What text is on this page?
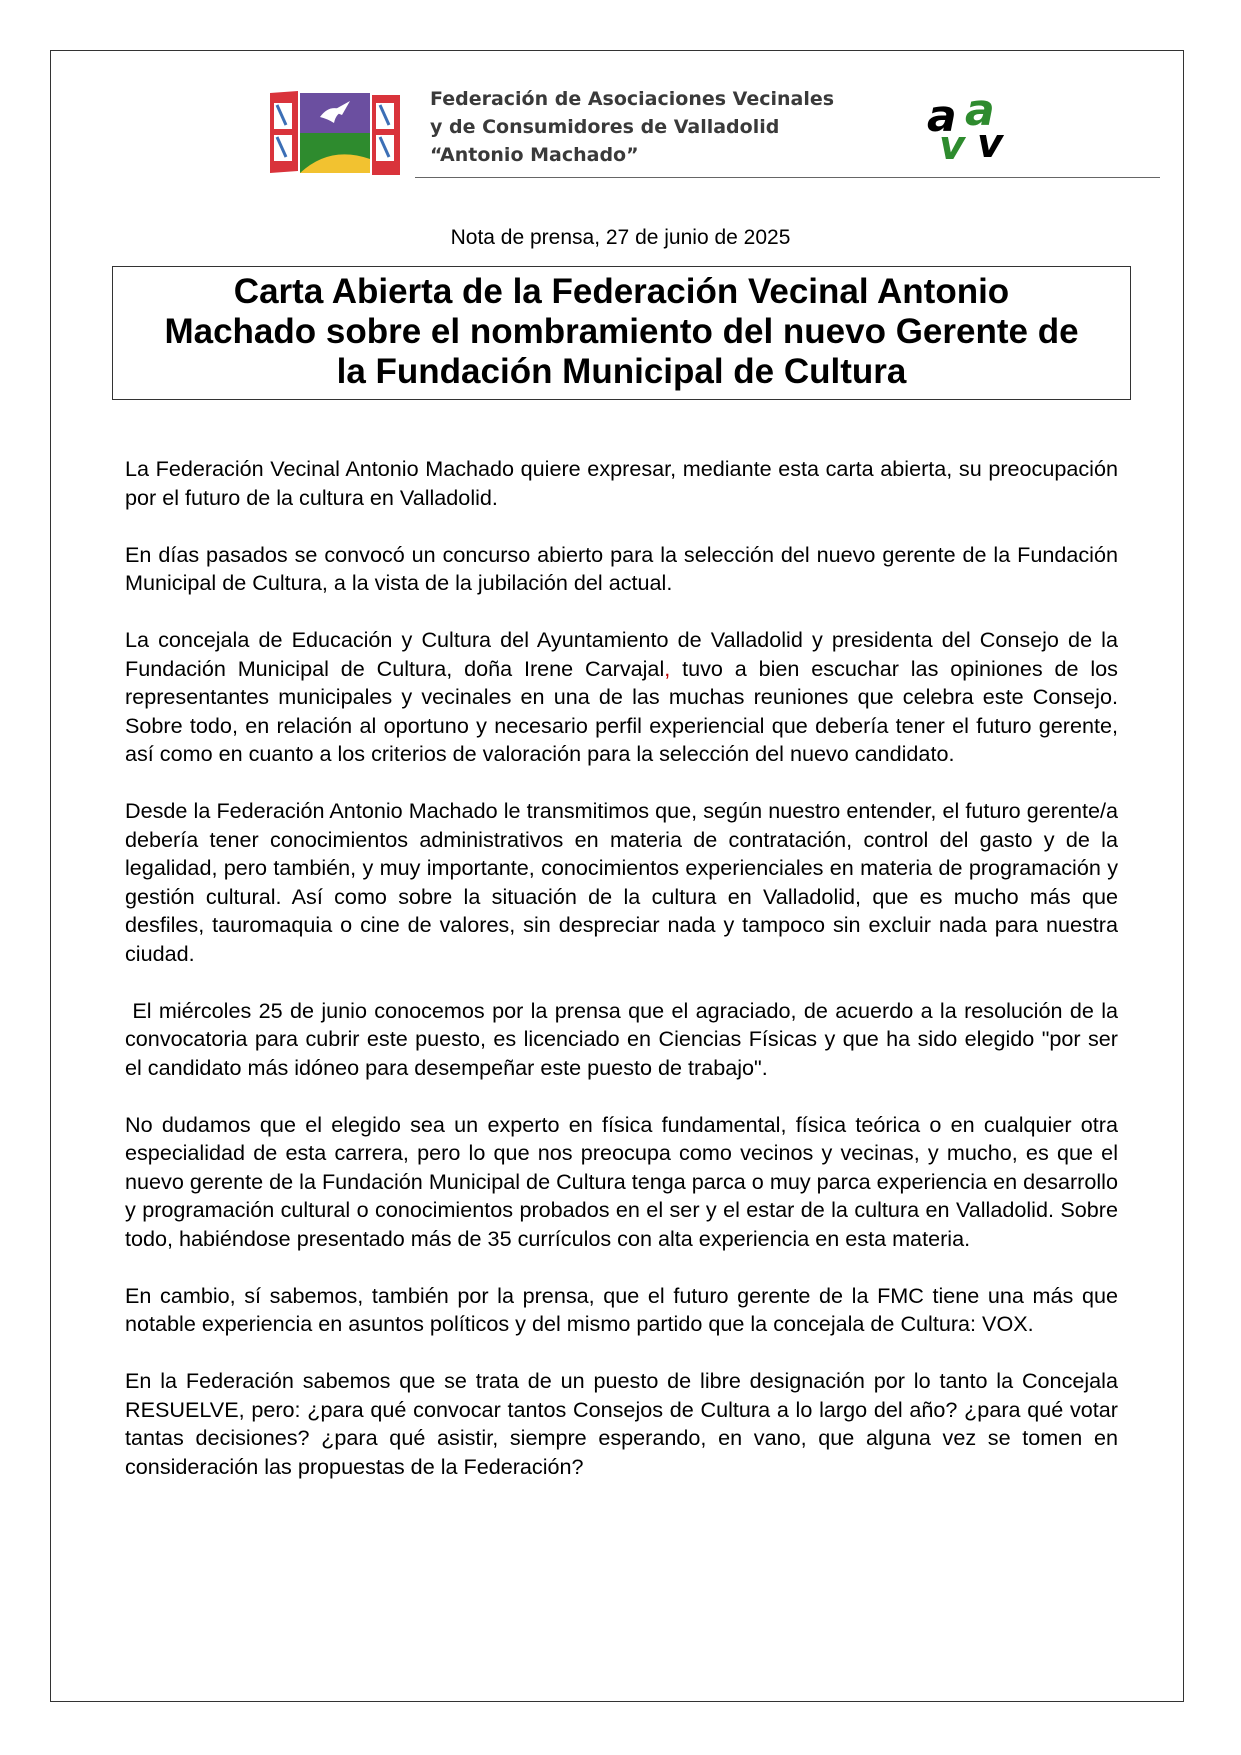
Federación de Asociaciones Vecinales
y de Consumidores de Valladolid
“Antonio Machado”
a a
v v
Nota de prensa, 27 de junio de 2025
Carta Abierta de la Federación Vecinal Antonio
Machado sobre el nombramiento del nuevo Gerente de
la Fundación Municipal de Cultura

La Federación Vecinal Antonio Machado quiere expresar, mediante esta carta abierta, su preocupación por el futuro de la cultura en Valladolid.

En días pasados se convocó un concurso abierto para la selección del nuevo gerente de la Fundación Municipal de Cultura, a la vista de la jubilación del actual.

La concejala de Educación y Cultura del Ayuntamiento de Valladolid y presidenta del Consejo de la Fundación Municipal de Cultura, doña Irene Carvajal, tuvo a bien escuchar las opiniones de los representantes municipales y vecinales en una de las muchas reuniones que celebra este Consejo. Sobre todo, en relación al oportuno y necesario perfil experiencial que debería tener el futuro gerente, así como en cuanto a los criterios de valoración para la selección del nuevo candidato.

Desde la Federación Antonio Machado le transmitimos que, según nuestro entender, el futuro gerente/a debería tener conocimientos administrativos en materia de contratación, control del gasto y de la legalidad, pero también, y muy importante, conocimientos experienciales en materia de programación y gestión cultural. Así como sobre la situación de la cultura en Valladolid, que es mucho más que desfiles, tauromaquia o cine de valores, sin despreciar nada y tampoco sin excluir nada para nuestra ciudad.

El miércoles 25 de junio conocemos por la prensa que el agraciado, de acuerdo a la resolución de la convocatoria para cubrir este puesto, es licenciado en Ciencias Físicas y que ha sido elegido "por ser el candidato más idóneo para desempeñar este puesto de trabajo".

No dudamos que el elegido sea un experto en física fundamental, física teórica o en cualquier otra especialidad de esta carrera, pero lo que nos preocupa como vecinos y vecinas, y mucho, es que el nuevo gerente de la Fundación Municipal de Cultura tenga parca o muy parca experiencia en desarrollo y programación cultural o conocimientos probados en el ser y el estar de la cultura en Valladolid. Sobre todo, habiéndose presentado más de 35 currículos con alta experiencia en esta materia.

En cambio, sí sabemos, también por la prensa, que el futuro gerente de la FMC tiene una más que notable experiencia en asuntos políticos y del mismo partido que la concejala de Cultura: VOX.

En la Federación sabemos que se trata de un puesto de libre designación por lo tanto la Concejala RESUELVE, pero: ¿para qué convocar tantos Consejos de Cultura a lo largo del año? ¿para qué votar tantas decisiones? ¿para qué asistir, siempre esperando, en vano, que alguna vez se tomen en consideración las propuestas de la Federación?
